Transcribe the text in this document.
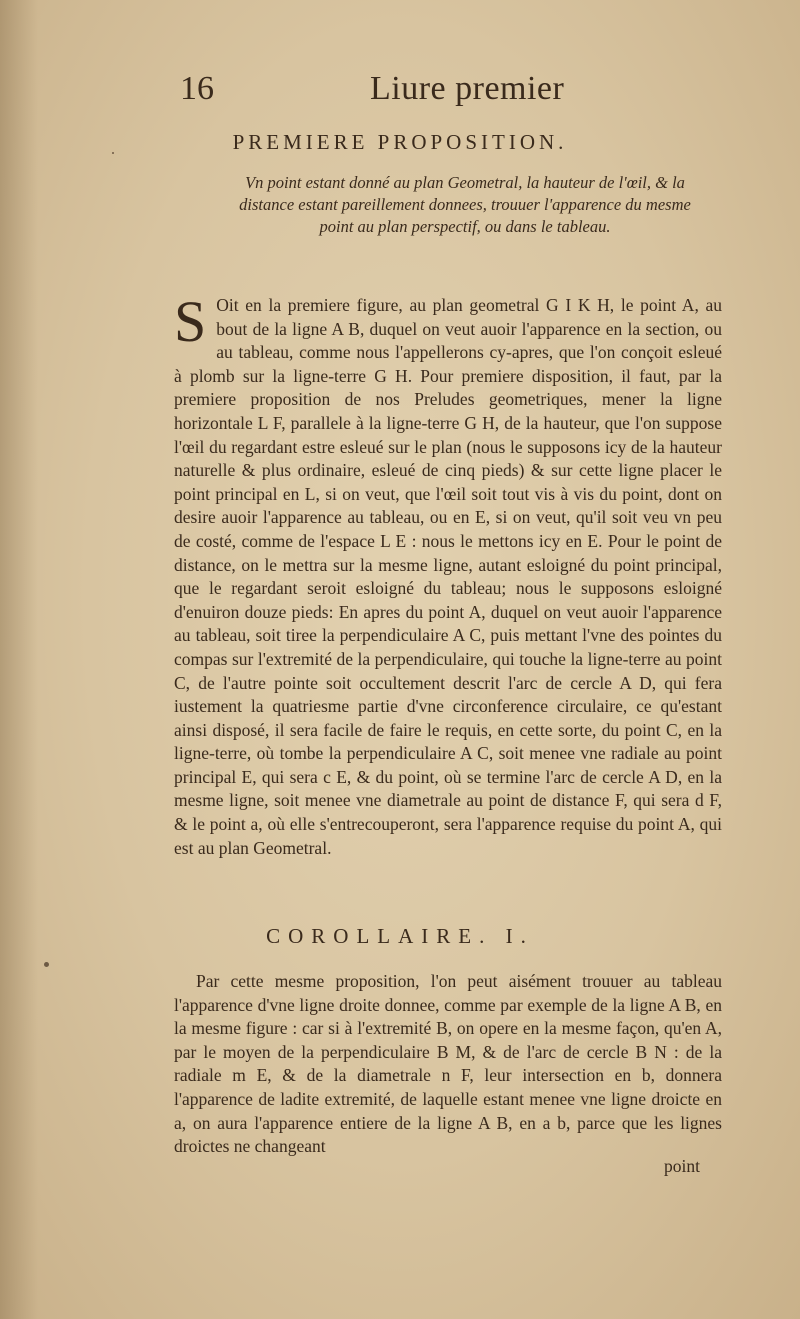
16	Liure premier
PREMIERE PROPOSITION.
Vn point estant donné au plan Geometral, la hauteur de l'œil, & la distance estant pareillement donnees, trouuer l'apparence du mesme point au plan perspectif, ou dans le tableau.
S Oit en la premiere figure, au plan geometral G I K H, le point A, au bout de la ligne A B, duquel on veut auoir l'apparence en la section, ou au tableau, comme nous l'appellerons cy-apres, que l'on conçoit esleué à plomb sur la ligne-terre G H. Pour premiere disposition, il faut, par la premiere proposition de nos Preludes geometriques, mener la ligne horizontale L F, parallele à la ligne-terre G H, de la hauteur, que l'on suppose l'œil du regardant estre esleué sur le plan (nous le supposons icy de la hauteur naturelle & plus ordinaire, esleué de cinq pieds) & sur cette ligne placer le point principal en L, si on veut, que l'œil soit tout vis à vis du point, dont on desire auoir l'apparence au tableau, ou en E, si on veut, qu'il soit veu vn peu de costé, comme de l'espace L E : nous le mettons icy en E. Pour le point de distance, on le mettra sur la mesme ligne, autant esloigné du point principal, que le regardant seroit esloigné du tableau; nous le supposons esloigné d'enuiron douze pieds: En apres du point A, duquel on veut auoir l'apparence au tableau, soit tiree la perpendiculaire A C, puis mettant l'vne des pointes du compas sur l'extremité de la perpendiculaire, qui touche la ligne-terre au point C, de l'autre pointe soit occultement descrit l'arc de cercle A D, qui fera iustement la quatriesme partie d'vne circonference circulaire, ce qu'estant ainsi disposé, il sera facile de faire le requis, en cette sorte, du point C, en la ligne-terre, où tombe la perpendiculaire A C, soit menee vne radiale au point principal E, qui sera c E, & du point, où se termine l'arc de cercle A D, en la mesme ligne, soit menee vne diametrale au point de distance F, qui sera d F, & le point a, où elle s'entrecouperont, sera l'apparence requise du point A, qui est au plan Geometral.
COROLLAIRE. I.
Par cette mesme proposition, l'on peut aisément trouuer au tableau l'apparence d'vne ligne droite donnee, comme par exemple de la ligne A B, en la mesme figure : car si à l'extremité B, on opere en la mesme façon, qu'en A, par le moyen de la perpendiculaire B M, & de l'arc de cercle B N : de la radiale m E, & de la diametrale n F, leur intersection en b, donnera l'apparence de ladite extremité, de laquelle estant menee vne ligne droicte en a, on aura l'apparence entiere de la ligne A B, en a b, parce que les lignes droictes ne changeant
point
